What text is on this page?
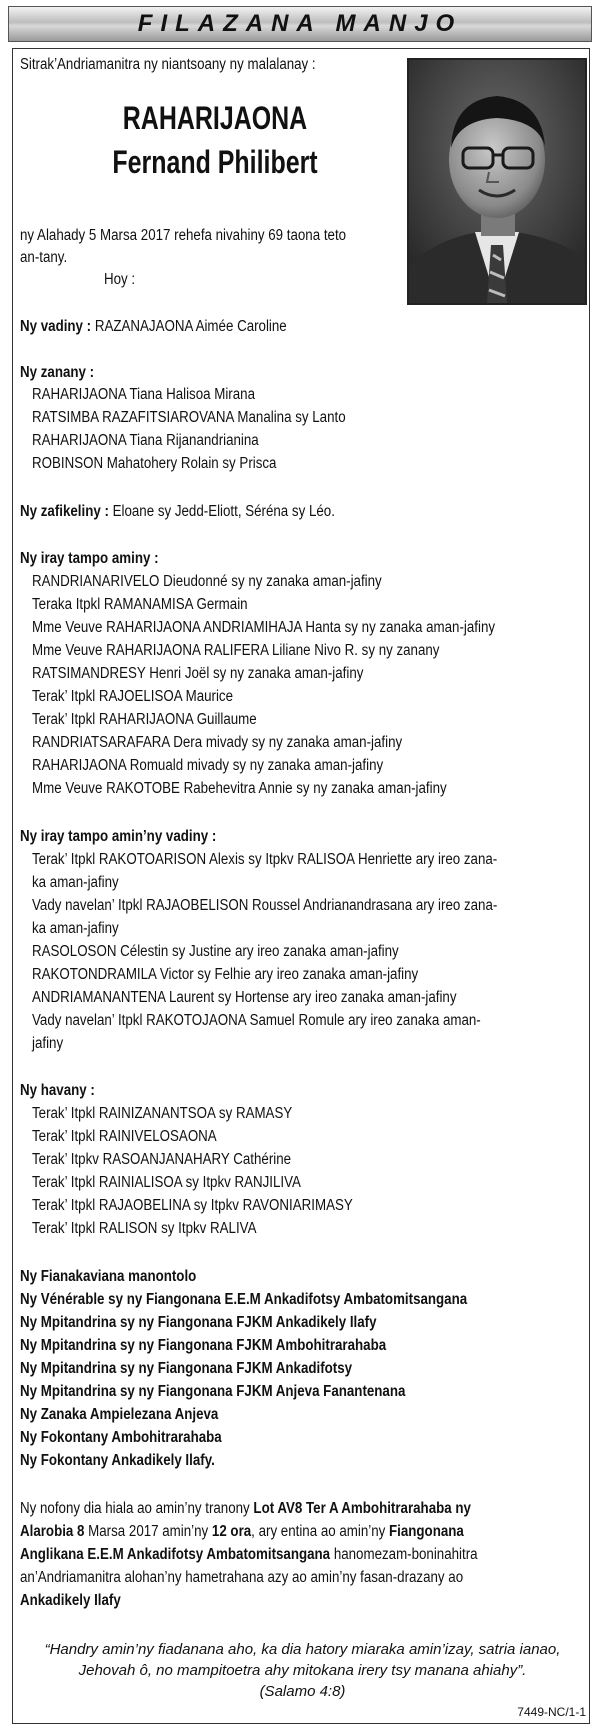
FILAZANA MANJO
Sitrak’Andriamanitra ny niantsoany ny malalanay :
RAHARIJAONA
Fernand Philibert
ny Alahady 5 Marsa 2017 rehefa nivahiny 69 taona teto
an-tany.
Hoy :
Ny vadiny : RAZANAJAONA Aimée Caroline
Ny zanany :
RAHARIJAONA Tiana Halisoa Mirana
RATSIMBA RAZAFITSIAROVANA Manalina sy Lanto
RAHARIJAONA Tiana Rijanandrianina
ROBINSON Mahatohery Rolain sy Prisca
Ny zafikeliny : Eloane sy Jedd-Eliott, Séréna sy Léo.
Ny iray tampo aminy :
RANDRIANARIVELO Dieudonné sy ny zanaka aman-jafiny
Teraka Itpkl RAMANAMISA Germain
Mme Veuve RAHARIJAONA ANDRIAMIHAJA Hanta sy ny zanaka aman-jafiny
Mme Veuve RAHARIJAONA RALIFERA Liliane Nivo R. sy ny zanany
RATSIMANDRESY Henri Joël sy ny zanaka aman-jafiny
Terak’ Itpkl RAJOELISOA Maurice
Terak’ Itpkl RAHARIJAONA Guillaume
RANDRIATSARAFARA Dera mivady sy ny zanaka aman-jafiny
RAHARIJAONA Romuald mivady sy ny zanaka aman-jafiny
Mme Veuve RAKOTOBE Rabehevitra Annie sy ny zanaka aman-jafiny
Ny iray tampo amin’ny vadiny :
Terak’ Itpkl RAKOTOARISON Alexis sy Itpkv RALISOA Henriette ary ireo zana-
ka aman-jafiny
Vady navelan’ Itpkl RAJAOBELISON Roussel Andrianandrasana ary ireo zana-
ka aman-jafiny
RASOLOSON Célestin sy Justine ary ireo zanaka aman-jafiny
RAKOTONDRAMILA Victor sy Felhie ary ireo zanaka aman-jafiny
ANDRIAMANANTENA Laurent sy Hortense ary ireo zanaka aman-jafiny
Vady navelan’ Itpkl RAKOTOJAONA Samuel Romule ary ireo zanaka aman-
jafiny
Ny havany :
Terak’ Itpkl RAINIZANANTSOA sy RAMASY
Terak’ Itpkl RAINIVELOSAONA
Terak’ Itpkv RASOANJANAHARY Cathérine
Terak’ Itpkl RAINIALISOA sy Itpkv RANJILIVA
Terak’ Itpkl RAJAOBELINA sy Itpkv RAVONIARIMASY
Terak’ Itpkl RALISON sy Itpkv RALIVA
Ny Fianakaviana manontolo
Ny Vénérable sy ny Fiangonana E.E.M Ankadifotsy Ambatomitsangana
Ny Mpitandrina sy ny Fiangonana FJKM Ankadikely Ilafy
Ny Mpitandrina sy ny Fiangonana FJKM Ambohitrarahaba
Ny Mpitandrina sy ny Fiangonana FJKM Ankadifotsy
Ny Mpitandrina sy ny Fiangonana FJKM Anjeva Fanantenana
Ny Zanaka Ampielezana Anjeva
Ny Fokontany Ambohitrarahaba
Ny Fokontany Ankadikely Ilafy.
Ny nofony dia hiala ao amin’ny tranony Lot AV8 Ter A Ambohitrarahaba ny
Alarobia 8 Marsa 2017 amin’ny 12 ora, ary entina ao amin’ny Fiangonana
Anglikana E.E.M Ankadifotsy Ambatomitsangana hanomezam-boninahitra
an’Andriamanitra alohan’ny hametrahana azy ao amin’ny fasan-drazany ao
Ankadikely Ilafy
“Handry amin’ny fiadanana aho, ka dia hatory miaraka amin’izay, satria ianao,
Jehovah ô, no mampitoetra ahy mitokana irery tsy manana ahiahy”.
(Salamo 4:8)
7449-NC/1-1
